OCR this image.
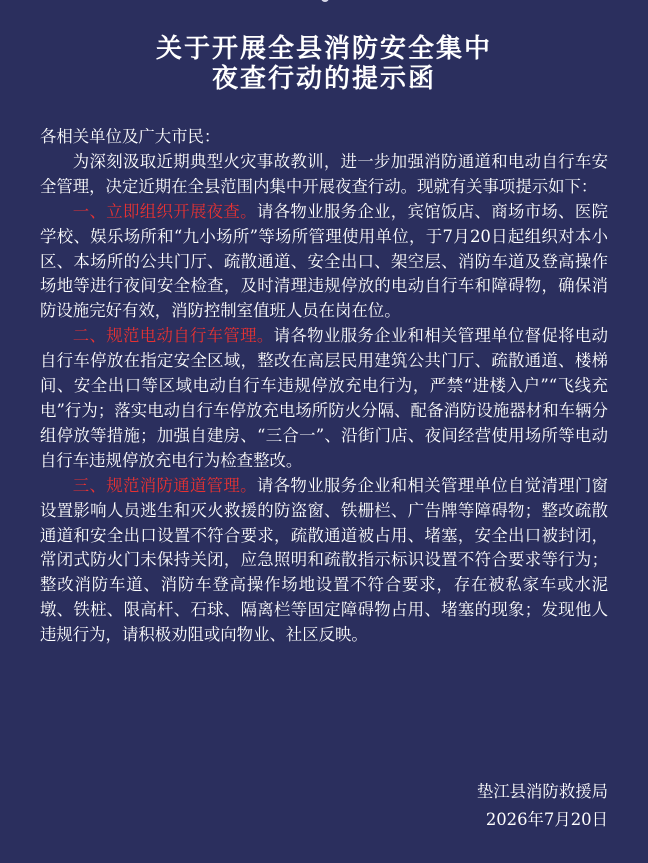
关于开展全县消防安全集中
夜查行动的提示函

各相关单位及广大市民：

为深刻汲取近期典型火灾事故教训，进一步加强消防通道和电动自行车安全管理，决定近期在全县范围内集中开展夜查行动。现就有关事项提示如下：

一、立即组织开展夜查。请各物业服务企业，宾馆饭店、商场市场、医院学校、娱乐场所和“九小场所”等场所管理使用单位，于7月20日起组织对本小区、本场所的公共门厅、疏散通道、安全出口、架空层、消防车道及登高操作场地等进行夜间安全检查，及时清理违规停放的电动自行车和障碍物，确保消防设施完好有效，消防控制室值班人员在岗在位。

二、规范电动自行车管理。请各物业服务企业和相关管理单位督促将电动自行车停放在指定安全区域，整改在高层民用建筑公共门厅、疏散通道、楼梯间、安全出口等区域电动自行车违规停放充电行为，严禁“进楼入户”“飞线充电”行为；落实电动自行车停放充电场所防火分隔、配备消防设施器材和车辆分组停放等措施；加强自建房、“三合一”、沿街门店、夜间经营使用场所等电动自行车违规停放充电行为检查整改。

三、规范消防通道管理。请各物业服务企业和相关管理单位自觉清理门窗设置影响人员逃生和灭火救援的防盗窗、铁栅栏、广告牌等障碍物；整改疏散通道和安全出口设置不符合要求，疏散通道被占用、堵塞，安全出口被封闭，常闭式防火门未保持关闭，应急照明和疏散指示标识设置不符合要求等行为；整改消防车道、消防车登高操作场地设置不符合要求，存在被私家车或水泥墩、铁桩、限高杆、石球、隔离栏等固定障碍物占用、堵塞的现象；发现他人违规行为，请积极劝阻或向物业、社区反映。

垫江县消防救援局
2026年7月20日
